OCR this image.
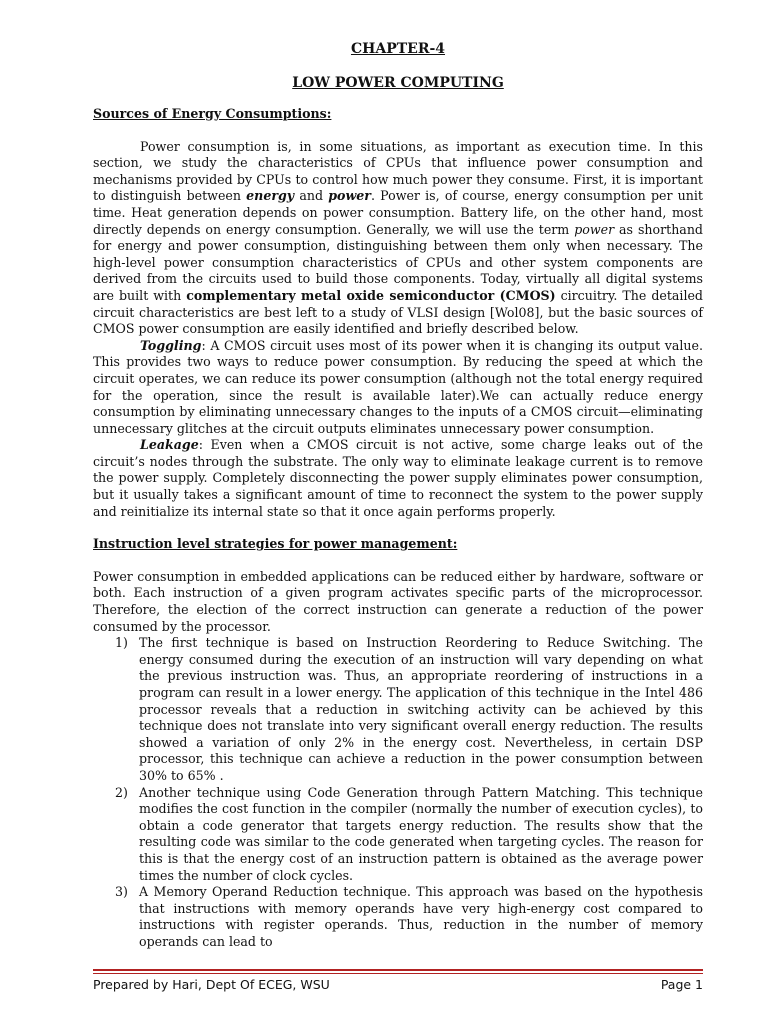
CHAPTER-4

LOW POWER COMPUTING

Sources of Energy Consumptions:

Power consumption is, in some situations, as important as execution time. In this section, we study the characteristics of CPUs that influence power consumption and mechanisms provided by CPUs to control how much power they consume. First, it is important to distinguish between energy and power. Power is, of course, energy consumption per unit time. Heat generation depends on power consumption. Battery life, on the other hand, most directly depends on energy consumption. Generally, we will use the term power as shorthand for energy and power consumption, distinguishing between them only when necessary. The high-level power consumption characteristics of CPUs and other system components are derived from the circuits used to build those components. Today, virtually all digital systems are built with complementary metal oxide semiconductor (CMOS) circuitry. The detailed circuit characteristics are best left to a study of VLSI design [Wol08], but the basic sources of CMOS power consumption are easily identified and briefly described below.

Toggling: A CMOS circuit uses most of its power when it is changing its output value. This provides two ways to reduce power consumption. By reducing the speed at which the circuit operates, we can reduce its power consumption (although not the total energy required for the operation, since the result is available later).We can actually reduce energy consumption by eliminating unnecessary changes to the inputs of a CMOS circuit—eliminating unnecessary glitches at the circuit outputs eliminates unnecessary power consumption.

Leakage: Even when a CMOS circuit is not active, some charge leaks out of the circuit’s nodes through the substrate. The only way to eliminate leakage current is to remove the power supply. Completely disconnecting the power supply eliminates power consumption, but it usually takes a significant amount of time to reconnect the system to the power supply and reinitialize its internal state so that it once again performs properly.

Instruction level strategies for power management:

Power consumption in embedded applications can be reduced either by hardware, software or both. Each instruction of a given program activates specific parts of the microprocessor. Therefore, the election of the correct instruction can generate a reduction of the power consumed by the processor.

1) The first technique is based on Instruction Reordering to Reduce Switching. The energy consumed during the execution of an instruction will vary depending on what the previous instruction was. Thus, an appropriate reordering of instructions in a program can result in a lower energy. The application of this technique in the Intel 486 processor reveals that a reduction in switching activity can be achieved by this technique does not translate into very significant overall energy reduction. The results showed a variation of only 2% in the energy cost. Nevertheless, in certain DSP processor, this technique can achieve a reduction in the power consumption between 30% to 65% .
2) Another technique using Code Generation through Pattern Matching. This technique modifies the cost function in the compiler (normally the number of execution cycles), to obtain a code generator that targets energy reduction. The results show that the resulting code was similar to the code generated when targeting cycles. The reason for this is that the energy cost of an instruction pattern is obtained as the average power times the number of clock cycles.
3) A Memory Operand Reduction technique. This approach was based on the hypothesis that instructions with memory operands have very high-energy cost compared to instructions with register operands. Thus, reduction in the number of memory operands can lead to
Prepared by Hari, Dept Of ECEG, WSU	Page 1
